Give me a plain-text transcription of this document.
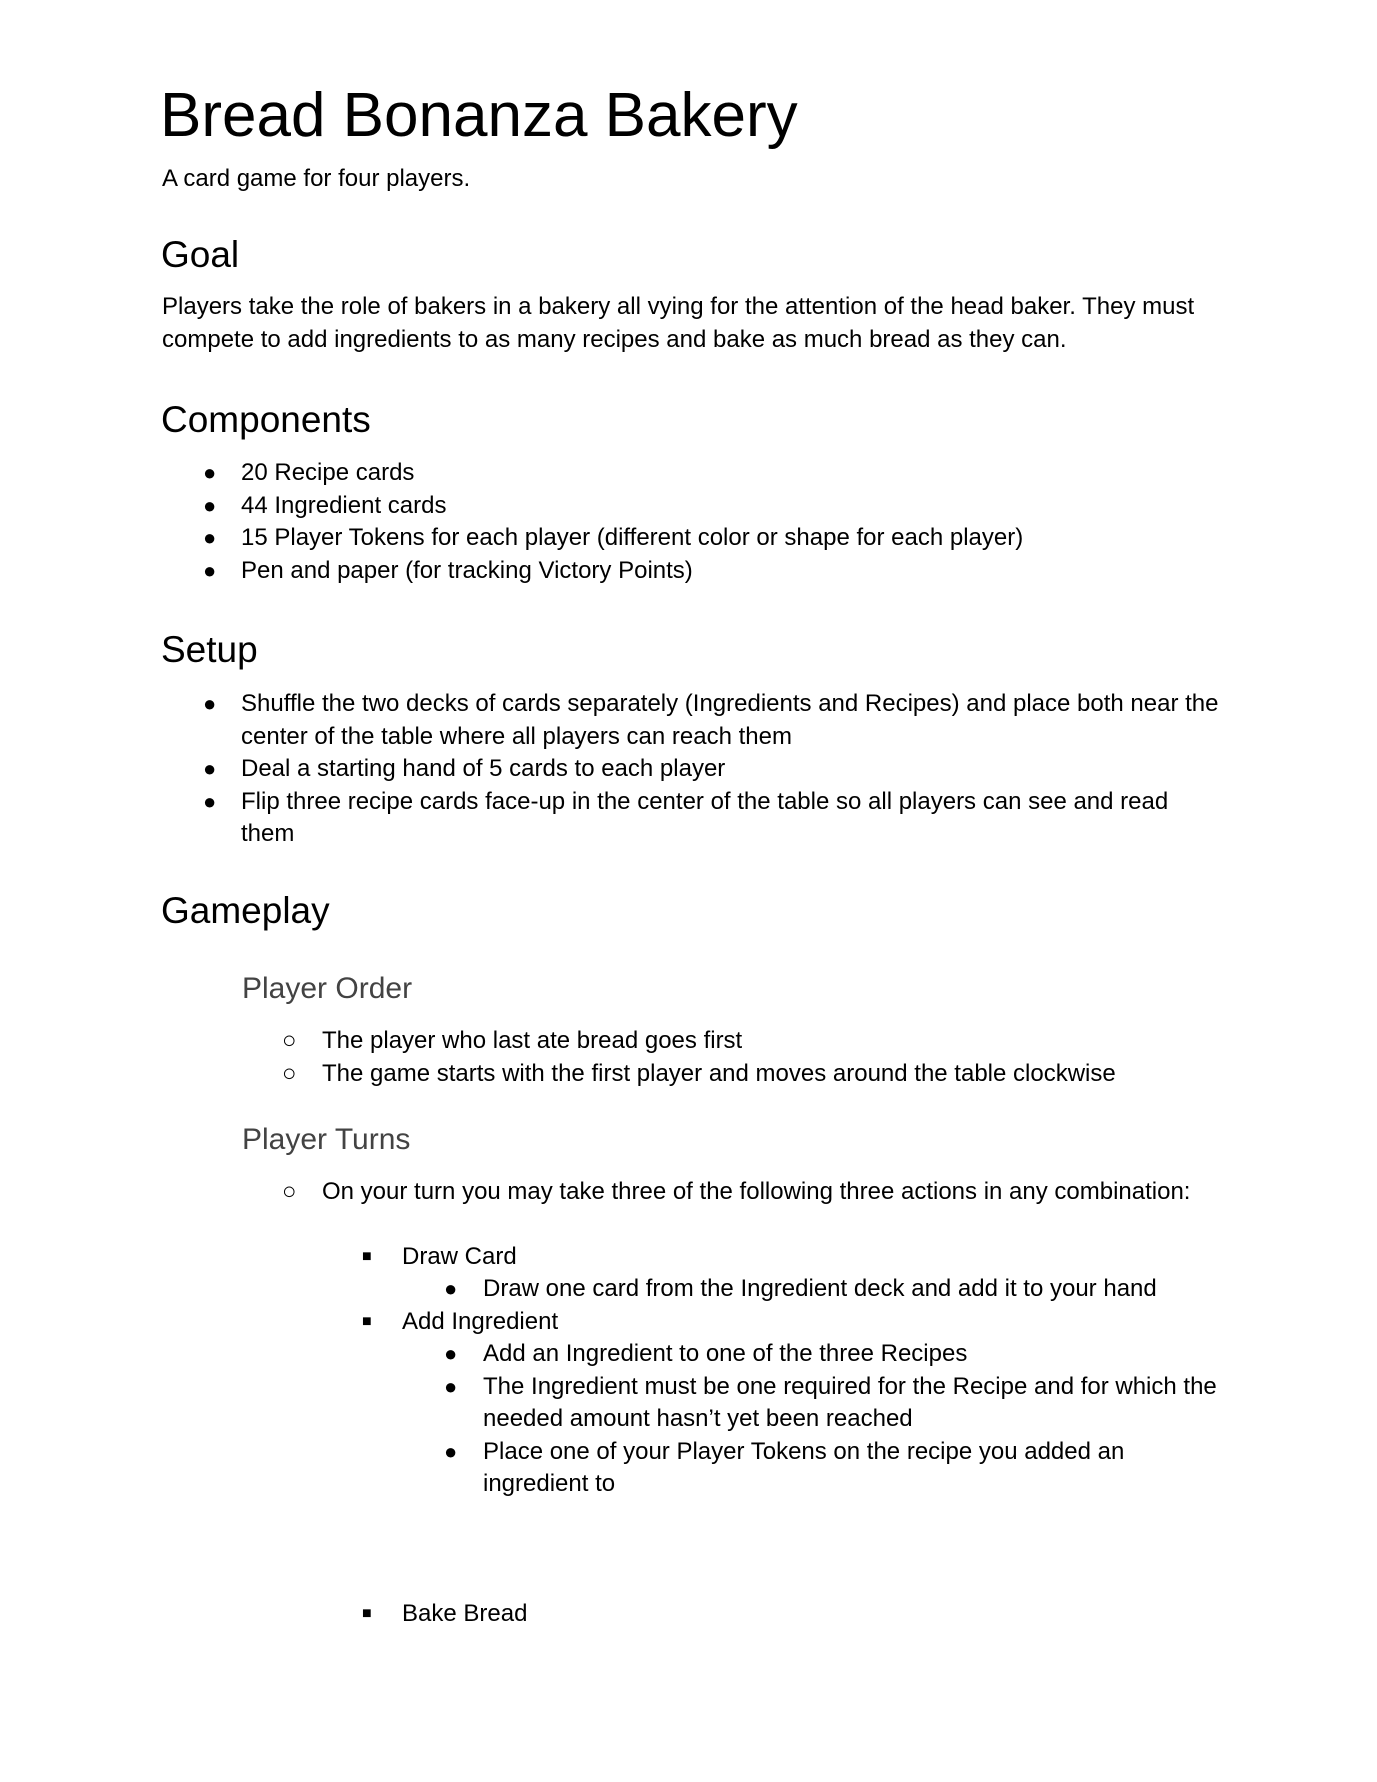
Bread Bonanza Bakery

A card game for four players.

Goal

Players take the role of bakers in a bakery all vying for the attention of the head baker. They must compete to add ingredients to as many recipes and bake as much bread as they can.

Components
● 20 Recipe cards
● 44 Ingredient cards
● 15 Player Tokens for each player (different color or shape for each player)
● Pen and paper (for tracking Victory Points)
Setup
● Shuffle the two decks of cards separately (Ingredients and Recipes) and place both near the center of the table where all players can reach them
● Deal a starting hand of 5 cards to each player
● Flip three recipe cards face-up in the center of the table so all players can see and read them
Gameplay
Player Order
○ The player who last ate bread goes first
○ The game starts with the first player and moves around the table clockwise
Player Turns
○ On your turn you may take three of the following three actions in any combination:
■ Draw Card
● Draw one card from the Ingredient deck and add it to your hand
■ Add Ingredient
● Add an Ingredient to one of the three Recipes
● The Ingredient must be one required for the Recipe and for which the needed amount hasn’t yet been reached
● Place one of your Player Tokens on the recipe you added an ingredient to
■ Bake Bread
